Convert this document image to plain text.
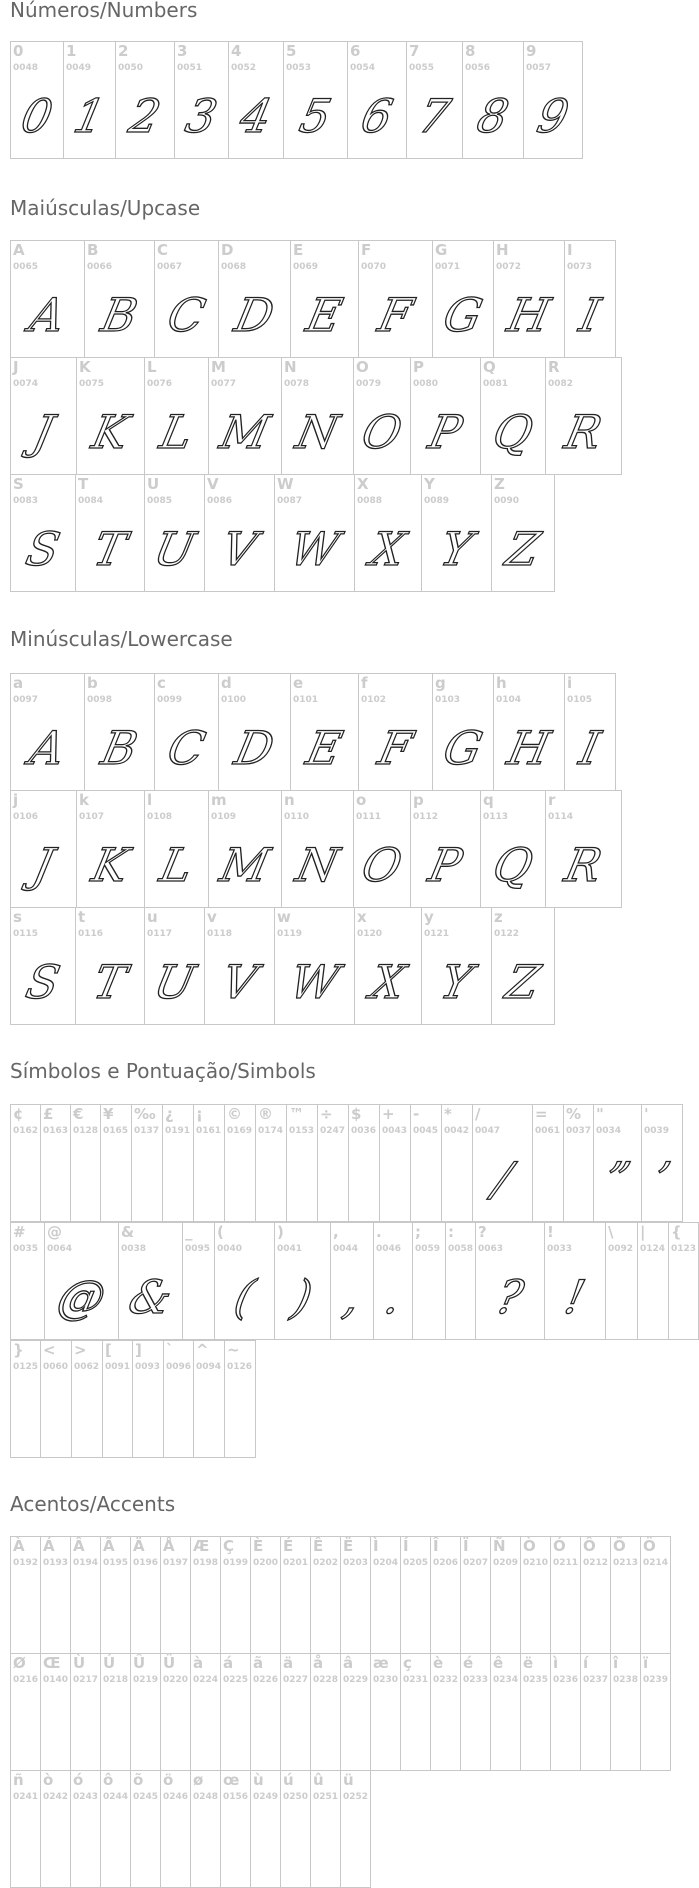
Números/Numbers
0
0048
0
1
0049
1
2
0050
2
3
0051
3
4
0052
4
5
0053
5
6
0054
6
7
0055
7
8
0056
8
9
0057
9
Maiúsculas/Upcase
A
0065
A
B
0066
B
C
0067
C
D
0068
D
E
0069
E
F
0070
F
G
0071
G
H
0072
H
I
0073
I
J
0074
J
K
0075
K
L
0076
L
M
0077
M
N
0078
N
O
0079
O
P
0080
P
Q
0081
Q
R
0082
R
S
0083
S
T
0084
T
U
0085
U
V
0086
V
W
0087
W
X
0088
X
Y
0089
Y
Z
0090
Z
Minúsculas/Lowercase
a
0097
A
b
0098
B
c
0099
C
d
0100
D
e
0101
E
f
0102
F
g
0103
G
h
0104
H
i
0105
I
j
0106
J
k
0107
K
l
0108
L
m
0109
M
n
0110
N
o
0111
O
p
0112
P
q
0113
Q
r
0114
R
s
0115
S
t
0116
T
u
0117
U
v
0118
V
w
0119
W
x
0120
X
y
0121
Y
z
0122
Z
Símbolos e Pontuação/Simbols
¢
0162
£
0163
€
0128
¥
0165
‰
0137
¿
0191
¡
0161
©
0169
®
0174
™
0153
÷
0247
$
0036
+
0043
-
0045
*
0042
/
0047
/
=
0061
%
0037
"
0034
”
'
0039
’
#
0035
@
0064
@
&
0038
&
_
0095
(
0040
(
)
0041
)
,
0044
,
.
0046
.
;
0059
:
0058
?
0063
?
!
0033
!
\
0092
|
0124
{
0123
}
0125
<
0060
>
0062
[
0091
]
0093
`
0096
^
0094
~
0126
Acentos/Accents
À
0192
Á
0193
Â
0194
Ã
0195
Ä
0196
Å
0197
Æ
0198
Ç
0199
È
0200
É
0201
Ê
0202
Ë
0203
Ì
0204
Í
0205
Î
0206
Ï
0207
Ñ
0209
Ò
0210
Ó
0211
Ô
0212
Õ
0213
Ö
0214
Ø
0216
Œ
0140
Ù
0217
Ú
0218
Û
0219
Ü
0220
à
0224
á
0225
ã
0226
ä
0227
å
0228
â
0229
æ
0230
ç
0231
è
0232
é
0233
ê
0234
ë
0235
ì
0236
í
0237
î
0238
ï
0239
ñ
0241
ò
0242
ó
0243
ô
0244
õ
0245
ö
0246
ø
0248
œ
0156
ù
0249
ú
0250
û
0251
ü
0252
